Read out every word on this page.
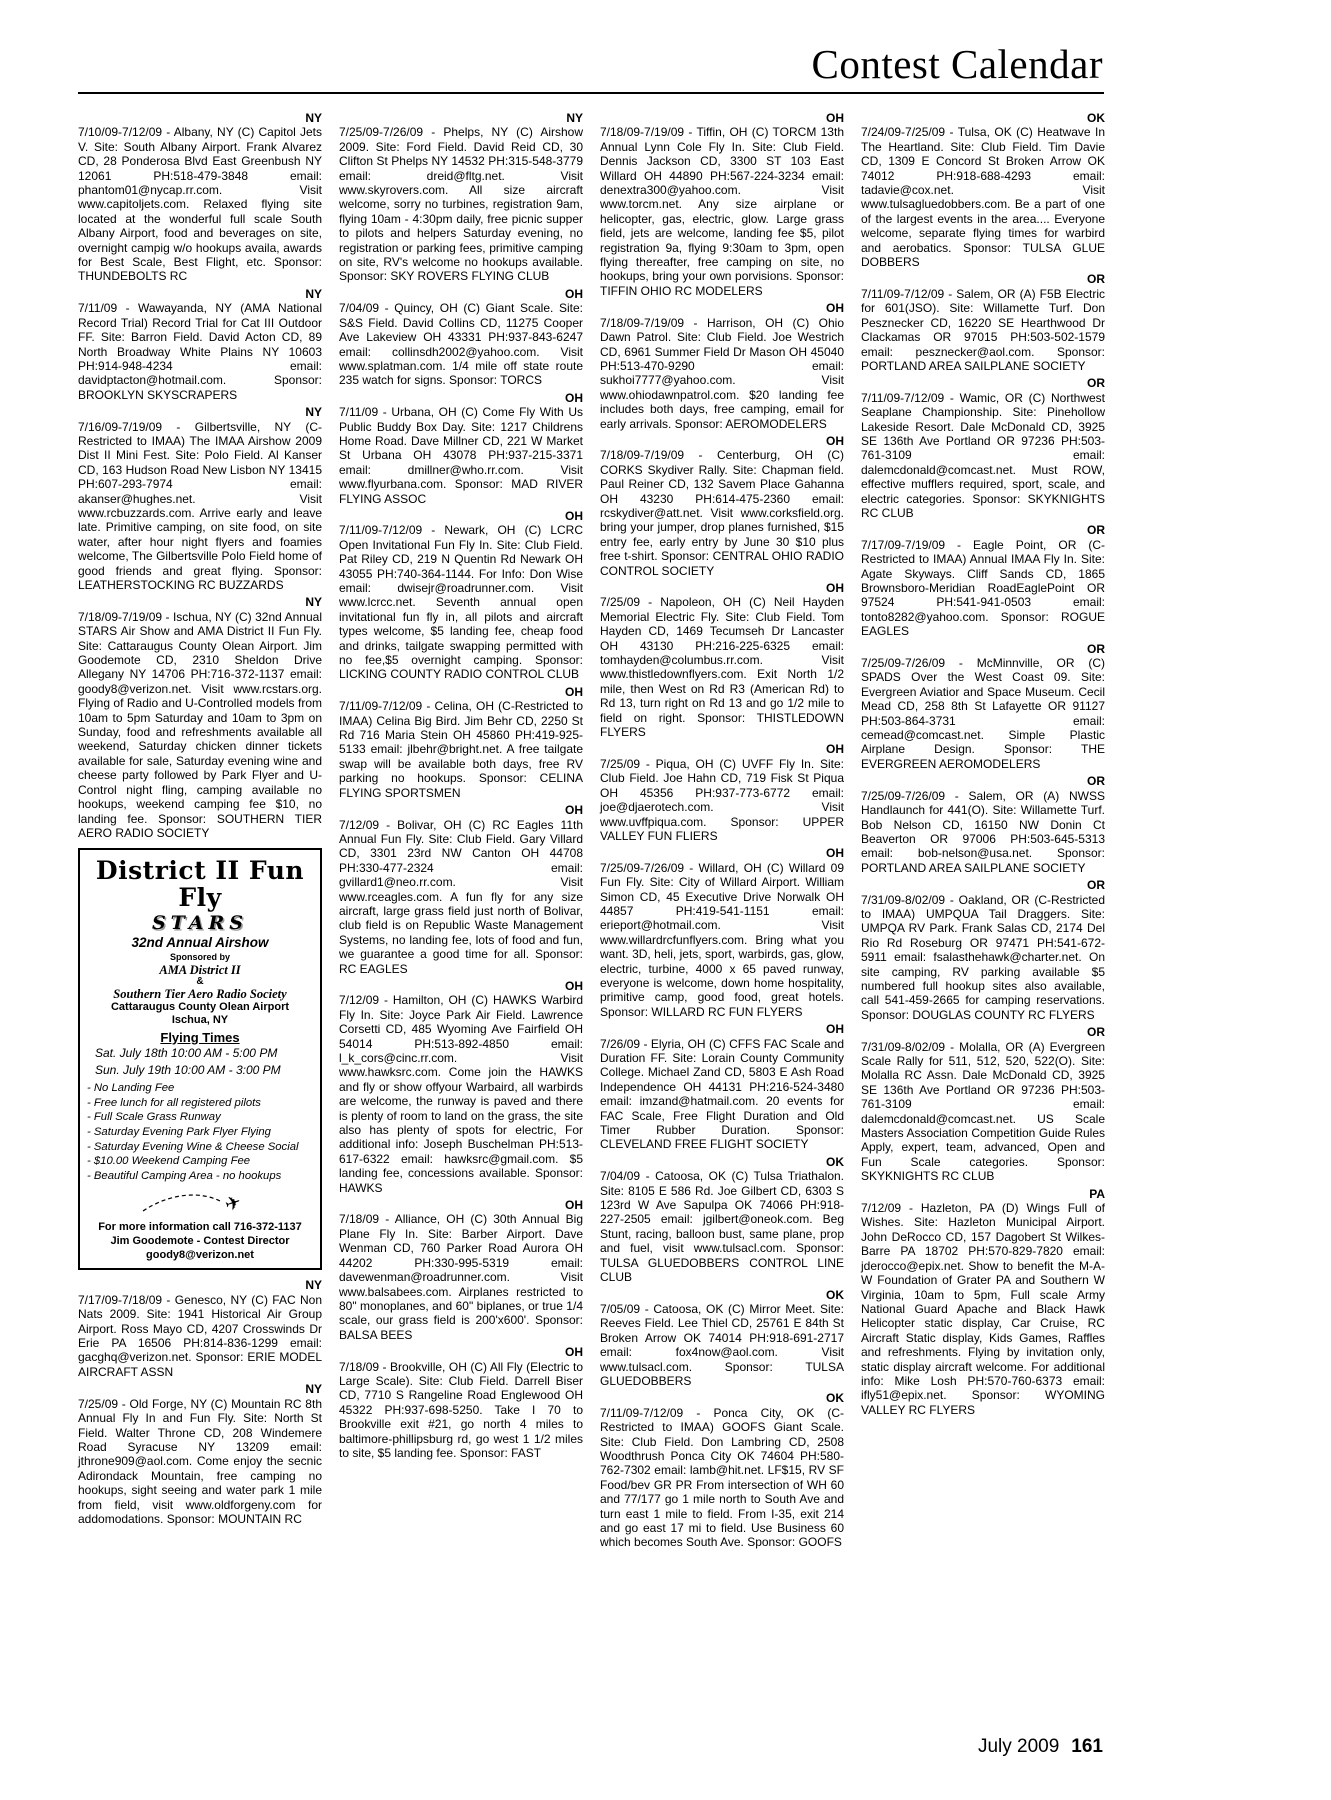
Contest Calendar
NY
7/10/09-7/12/09 - Albany, NY (C) Capitol Jets V. Site: South Albany Airport. Frank Alvarez CD, 28 Ponderosa Blvd East Greenbush NY 12061 PH:518-479-3848 email: phantom01@nycap.rr.com. Visit www.capitoljets.com. Relaxed flying site located at the wonderful full scale South Albany Airport, food and beverages on site, overnight campig w/o hookups availa, awards for Best Scale, Best Flight, etc. Sponsor: THUNDEBOLTS RC
NY
7/11/09 - Wawayanda, NY (AMA National Record Trial) Record Trial for Cat III Outdoor FF. Site: Barron Field. David Acton CD, 89 North Broadway White Plains NY 10603 PH:914-948-4234 email: davidptacton@hotmail.com. Sponsor: BROOKLYN SKYSCRAPERS
NY
7/16/09-7/19/09 - Gilbertsville, NY (C-Restricted to IMAA) The IMAA Airshow 2009 Dist II Mini Fest. Site: Polo Field. Al Kanser CD, 163 Hudson Road New Lisbon NY 13415 PH:607-293-7974 email: akanser@hughes.net. Visit www.rcbuzzards.com. Arrive early and leave late. Primitive camping, on site food, on site water, after hour night flyers and foamies welcome, The Gilbertsville Polo Field home of good friends and great flying. Sponsor: LEATHERSTOCKING RC BUZZARDS
NY
7/18/09-7/19/09 - Ischua, NY (C) 32nd Annual STARS Air Show and AMA District II Fun Fly. Site: Cattaraugus County Olean Airport. Jim Goodemote CD, 2310 Sheldon Drive Allegany NY 14706 PH:716-372-1137 email: goody8@verizon.net. Visit www.rcstars.org. Flying of Radio and U-Controlled models from 10am to 5pm Saturday and 10am to 3pm on Sunday, food and refreshments available all weekend, Saturday chicken dinner tickets available for sale, Saturday evening wine and cheese party followed by Park Flyer and U-Control night fling, camping available no hookups, weekend camping fee $10, no landing fee. Sponsor: SOUTHERN TIER AERO RADIO SOCIETY
District II Fun Fly
STARS
32nd Annual Airshow
Sponsored by
AMA District II
&
Southern Tier Aero Radio Society
Cattaraugus County Olean Airport
Ischua, NY
Flying Times
Sat. July 18th 10:00 AM - 5:00 PM
Sun. July 19th 10:00 AM - 3:00 PM
- No Landing Fee
- Free lunch for all registered pilots
- Full Scale Grass Runway
- Saturday Evening Park Flyer Flying
- Saturday Evening Wine & Cheese Social
- $10.00 Weekend Camping Fee
- Beautiful Camping Area - no hookups
✈
For more information call 716-372-1137
Jim Goodemote - Contest Director
goody8@verizon.net
NY
7/17/09-7/18/09 - Genesco, NY (C) FAC Non Nats 2009. Site: 1941 Historical Air Group Airport. Ross Mayo CD, 4207 Crosswinds Dr Erie PA 16506 PH:814-836-1299 email: gacghq@verizon.net. Sponsor: ERIE MODEL AIRCRAFT ASSN
NY
7/25/09 - Old Forge, NY (C) Mountain RC 8th Annual Fly In and Fun Fly. Site: North St Field. Walter Throne CD, 208 Windemere Road Syracuse NY 13209 email: jthrone909@aol.com. Come enjoy the secnic Adirondack Mountain, free camping no hookups, sight seeing and water park 1 mile from field, visit www.oldforgeny.com for addomodations. Sponsor: MOUNTAIN RC
NY
7/25/09-7/26/09 - Phelps, NY (C) Airshow 2009. Site: Ford Field. David Reid CD, 30 Clifton St Phelps NY 14532 PH:315-548-3779 email: dreid@fltg.net. Visit www.skyrovers.com. All size aircraft welcome, sorry no turbines, registration 9am, flying 10am - 4:30pm daily, free picnic supper to pilots and helpers Saturday evening, no registration or parking fees, primitive camping on site, RV's welcome no hookups available. Sponsor: SKY ROVERS FLYING CLUB
OH
7/04/09 - Quincy, OH (C) Giant Scale. Site: S&S Field. David Collins CD, 11275 Cooper Ave Lakeview OH 43331 PH:937-843-6247 email: collinsdh2002@yahoo.com. Visit www.splatman.com. 1/4 mile off state route 235 watch for signs. Sponsor: TORCS
OH
7/11/09 - Urbana, OH (C) Come Fly With Us Public Buddy Box Day. Site: 1217 Childrens Home Road. Dave Millner CD, 221 W Market St Urbana OH 43078 PH:937-215-3371 email: dmillner@who.rr.com. Visit www.flyurbana.com. Sponsor: MAD RIVER FLYING ASSOC
OH
7/11/09-7/12/09 - Newark, OH (C) LCRC Open Invitational Fun Fly In. Site: Club Field. Pat Riley CD, 219 N Quentin Rd Newark OH 43055 PH:740-364-1144. For Info: Don Wise email: dwisejr@roadrunner.com. Visit www.lcrcc.net. Seventh annual open invitational fun fly in, all pilots and aircraft types welcome, $5 landing fee, cheap food and drinks, tailgate swapping permitted with no fee,$5 overnight camping. Sponsor: LICKING COUNTY RADIO CONTROL CLUB
OH
7/11/09-7/12/09 - Celina, OH (C-Restricted to IMAA) Celina Big Bird. Jim Behr CD, 2250 St Rd 716 Maria Stein OH 45860 PH:419-925-5133 email: jlbehr@bright.net. A free tailgate swap will be available both days, free RV parking no hookups. Sponsor: CELINA FLYING SPORTSMEN
OH
7/12/09 - Bolivar, OH (C) RC Eagles 11th Annual Fun Fly. Site: Club Field. Gary Villard CD, 3301 23rd NW Canton OH 44708 PH:330-477-2324 email: gvillard1@neo.rr.com. Visit www.rceagles.com. A fun fly for any size aircraft, large grass field just north of Bolivar, club field is on Republic Waste Management Systems, no landing fee, lots of food and fun, we guarantee a good time for all. Sponsor: RC EAGLES
OH
7/12/09 - Hamilton, OH (C) HAWKS Warbird Fly In. Site: Joyce Park Air Field. Lawrence Corsetti CD, 485 Wyoming Ave Fairfield OH 54014 PH:513-892-4850 email: l_k_cors@cinc.rr.com. Visit www.hawksrc.com. Come join the HAWKS and fly or show offyour Warbaird, all warbirds are welcome, the runway is paved and there is plenty of room to land on the grass, the site also has plenty of spots for electric, For additional info: Joseph Buschelman PH:513-617-6322 email: hawksrc@gmail.com. $5 landing fee, concessions available. Sponsor: HAWKS
OH
7/18/09 - Alliance, OH (C) 30th Annual Big Plane Fly In. Site: Barber Airport. Dave Wenman CD, 760 Parker Road Aurora OH 44202 PH:330-995-5319 email: davewenman@roadrunner.com. Visit www.balsabees.com. Airplanes restricted to 80" monoplanes, and 60" biplanes, or true 1/4 scale, our grass field is 200'x600'. Sponsor: BALSA BEES
OH
7/18/09 - Brookville, OH (C) All Fly (Electric to Large Scale). Site: Club Field. Darrell Biser CD, 7710 S Rangeline Road Englewood OH 45322 PH:937-698-5250. Take I 70 to Brookville exit #21, go north 4 miles to baltimore-phillipsburg rd, go west 1 1/2 miles to site, $5 landing fee. Sponsor: FAST
OH
7/18/09-7/19/09 - Tiffin, OH (C) TORCM 13th Annual Lynn Cole Fly In. Site: Club Field. Dennis Jackson CD, 3300 ST 103 East Willard OH 44890 PH:567-224-3234 email: denextra300@yahoo.com. Visit www.torcm.net. Any size airplane or helicopter, gas, electric, glow. Large grass field, jets are welcome, landing fee $5, pilot registration 9a, flying 9:30am to 3pm, open flying thereafter, free camping on site, no hookups, bring your own porvisions. Sponsor: TIFFIN OHIO RC MODELERS
OH
7/18/09-7/19/09 - Harrison, OH (C) Ohio Dawn Patrol. Site: Club Field. Joe Westrich CD, 6961 Summer Field Dr Mason OH 45040 PH:513-470-9290 email: sukhoi7777@yahoo.com. Visit www.ohiodawnpatrol.com. $20 landing fee includes both days, free camping, email for early arrivals. Sponsor: AEROMODELERS
OH
7/18/09-7/19/09 - Centerburg, OH (C) CORKS Skydiver Rally. Site: Chapman field. Paul Reiner CD, 132 Savem Place Gahanna OH 43230 PH:614-475-2360 email: rcskydiver@att.net. Visit www.corksfield.org. bring your jumper, drop planes furnished, $15 entry fee, early entry by June 30 $10 plus free t-shirt. Sponsor: CENTRAL OHIO RADIO CONTROL SOCIETY
OH
7/25/09 - Napoleon, OH (C) Neil Hayden Memorial Electric Fly. Site: Club Field. Tom Hayden CD, 1469 Tecumseh Dr Lancaster OH 43130 PH:216-225-6325 email: tomhayden@columbus.rr.com. Visit www.thistledownflyers.com. Exit North 1/2 mile, then West on Rd R3 (American Rd) to Rd 13, turn right on Rd 13 and go 1/2 mile to field on right. Sponsor: THISTLEDOWN FLYERS
OH
7/25/09 - Piqua, OH (C) UVFF Fly In. Site: Club Field. Joe Hahn CD, 719 Fisk St Piqua OH 45356 PH:937-773-6772 email: joe@djaerotech.com. Visit www.uvffpiqua.com. Sponsor: UPPER VALLEY FUN FLIERS
OH
7/25/09-7/26/09 - Willard, OH (C) Willard 09 Fun Fly. Site: City of Willard Airport. William Simon CD, 45 Executive Drive Norwalk OH 44857 PH:419-541-1151 email: erieport@hotmail.com. Visit www.willardrcfunflyers.com. Bring what you want. 3D, heli, jets, sport, warbirds, gas, glow, electric, turbine, 4000 x 65 paved runway, everyone is welcome, down home hospitality, primitive camp, good food, great hotels. Sponsor: WILLARD RC FUN FLYERS
OH
7/26/09 - Elyria, OH (C) CFFS FAC Scale and Duration FF. Site: Lorain County Community College. Michael Zand CD, 5803 E Ash Road Independence OH 44131 PH:216-524-3480 email: imzand@hatmail.com. 20 events for FAC Scale, Free Flight Duration and Old Timer Rubber Duration. Sponsor: CLEVELAND FREE FLIGHT SOCIETY
OK
7/04/09 - Catoosa, OK (C) Tulsa Triathalon. Site: 8105 E 586 Rd. Joe Gilbert CD, 6303 S 123rd W Ave Sapulpa OK 74066 PH:918-227-2505 email: jgilbert@oneok.com. Beg Stunt, racing, balloon bust, same plane, prop and fuel, visit www.tulsacl.com. Sponsor: TULSA GLUEDOBBERS CONTROL LINE CLUB
OK
7/05/09 - Catoosa, OK (C) Mirror Meet. Site: Reeves Field. Lee Thiel CD, 25761 E 84th St Broken Arrow OK 74014 PH:918-691-2717 email: fox4now@aol.com. Visit www.tulsacl.com. Sponsor: TULSA GLUEDOBBERS
OK
7/11/09-7/12/09 - Ponca City, OK (C-Restricted to IMAA) GOOFS Giant Scale. Site: Club Field. Don Lambring CD, 2508 Woodthrush Ponca City OK 74604 PH:580-762-7302 email: lamb@hit.net. LF$15, RV SF Food/bev GR PR From intersection of WH 60 and 77/177 go 1 mile north to South Ave and turn east 1 mile to field. From I-35, exit 214 and go east 17 mi to field. Use Business 60 which becomes South Ave. Sponsor: GOOFS
OK
7/24/09-7/25/09 - Tulsa, OK (C) Heatwave In The Heartland. Site: Club Field. Tim Davie CD, 1309 E Concord St Broken Arrow OK 74012 PH:918-688-4293 email: tadavie@cox.net. Visit www.tulsagluedobbers.com. Be a part of one of the largest events in the area.... Everyone welcome, separate flying times for warbird and aerobatics. Sponsor: TULSA GLUE DOBBERS
OR
7/11/09-7/12/09 - Salem, OR (A) F5B Electric for 601(JSO). Site: Willamette Turf. Don Pesznecker CD, 16220 SE Hearthwood Dr Clackamas OR 97015 PH:503-502-1579 email: pesznecker@aol.com. Sponsor: PORTLAND AREA SAILPLANE SOCIETY
OR
7/11/09-7/12/09 - Wamic, OR (C) Northwest Seaplane Championship. Site: Pinehollow Lakeside Resort. Dale McDonald CD, 3925 SE 136th Ave Portland OR 97236 PH:503-761-3109 email: dalemcdonald@comcast.net. Must ROW, effective mufflers required, sport, scale, and electric categories. Sponsor: SKYKNIGHTS RC CLUB
OR
7/17/09-7/19/09 - Eagle Point, OR (C-Restricted to IMAA) Annual IMAA Fly In. Site: Agate Skyways. Cliff Sands CD, 1865 Brownsboro-Meridian RoadEaglePoint OR 97524 PH:541-941-0503 email: tonto8282@yahoo.com. Sponsor: ROGUE EAGLES
OR
7/25/09-7/26/09 - McMinnville, OR (C) SPADS Over the West Coast 09. Site: Evergreen Aviatior and Space Museum. Cecil Mead CD, 258 8th St Lafayette OR 91127 PH:503-864-3731 email: cemead@comcast.net. Simple Plastic Airplane Design. Sponsor: THE EVERGREEN AEROMODELERS
OR
7/25/09-7/26/09 - Salem, OR (A) NWSS Handlaunch for 441(O). Site: Willamette Turf. Bob Nelson CD, 16150 NW Donin Ct Beaverton OR 97006 PH:503-645-5313 email: bob-nelson@usa.net. Sponsor: PORTLAND AREA SAILPLANE SOCIETY
OR
7/31/09-8/02/09 - Oakland, OR (C-Restricted to IMAA) UMPQUA Tail Draggers. Site: UMPQA RV Park. Frank Salas CD, 2174 Del Rio Rd Roseburg OR 97471 PH:541-672-5911 email: fsalasthehawk@charter.net. On site camping, RV parking available $5 numbered full hookup sites also available, call 541-459-2665 for camping reservations. Sponsor: DOUGLAS COUNTY RC FLYERS
OR
7/31/09-8/02/09 - Molalla, OR (A) Evergreen Scale Rally for 511, 512, 520, 522(O). Site: Molalla RC Assn. Dale McDonald CD, 3925 SE 136th Ave Portland OR 97236 PH:503-761-3109 email: dalemcdonald@comcast.net. US Scale Masters Association Competition Guide Rules Apply, expert, team, advanced, Open and Fun Scale categories. Sponsor: SKYKNIGHTS RC CLUB
PA
7/12/09 - Hazleton, PA (D) Wings Full of Wishes. Site: Hazleton Municipal Airport. John DeRocco CD, 157 Dagobert St Wilkes-Barre PA 18702 PH:570-829-7820 email: jderocco@epix.net. Show to benefit the M-A-W Foundation of Grater PA and Southern W Virginia, 10am to 5pm, Full scale Army National Guard Apache and Black Hawk Helicopter static display, Car Cruise, RC Aircraft Static display, Kids Games, Raffles and refreshments. Flying by invitation only, static display aircraft welcome. For additional info: Mike Losh PH:570-760-6373 email: ifly51@epix.net. Sponsor: WYOMING VALLEY RC FLYERS
July 2009 161
